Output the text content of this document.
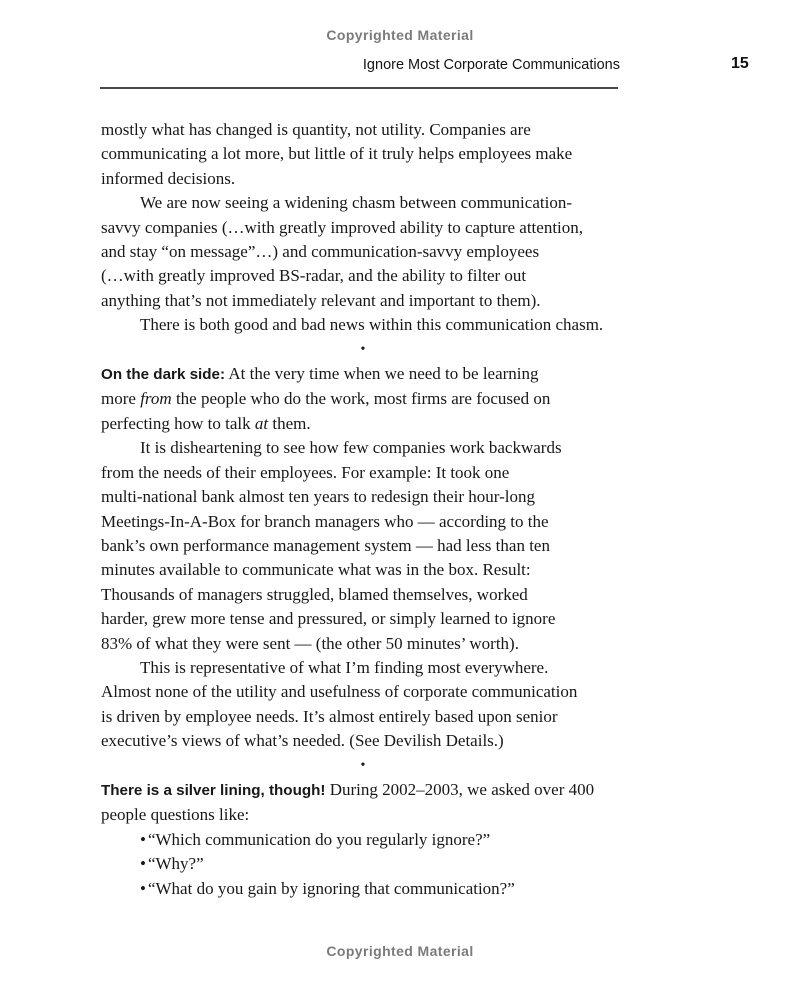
Copyrighted Material
Ignore Most Corporate Communications	15
mostly what has changed is quantity, not utility. Companies are
communicating a lot more, but little of it truly helps employees make
informed decisions.
We are now seeing a widening chasm between communication-
savvy companies (…with greatly improved ability to capture attention,
and stay “on message”…) and communication-savvy employees
(…with greatly improved BS-radar, and the ability to filter out
anything that’s not immediately relevant and important to them).
There is both good and bad news within this communication chasm.
•
On the dark side: At the very time when we need to be learning
more from the people who do the work, most firms are focused on
perfecting how to talk at them.
It is disheartening to see how few companies work backwards
from the needs of their employees. For example: It took one
multi-national bank almost ten years to redesign their hour-long
Meetings-In-A-Box for branch managers who — according to the
bank’s own performance management system — had less than ten
minutes available to communicate what was in the box. Result:
Thousands of managers struggled, blamed themselves, worked
harder, grew more tense and pressured, or simply learned to ignore
83% of what they were sent — (the other 50 minutes’ worth).
This is representative of what I’m finding most everywhere.
Almost none of the utility and usefulness of corporate communication
is driven by employee needs. It’s almost entirely based upon senior
executive’s views of what’s needed. (See Devilish Details.)
•
There is a silver lining, though! During 2002–2003, we asked over 400
people questions like:
• “Which communication do you regularly ignore?”
• “Why?”
• “What do you gain by ignoring that communication?”
Copyrighted Material
